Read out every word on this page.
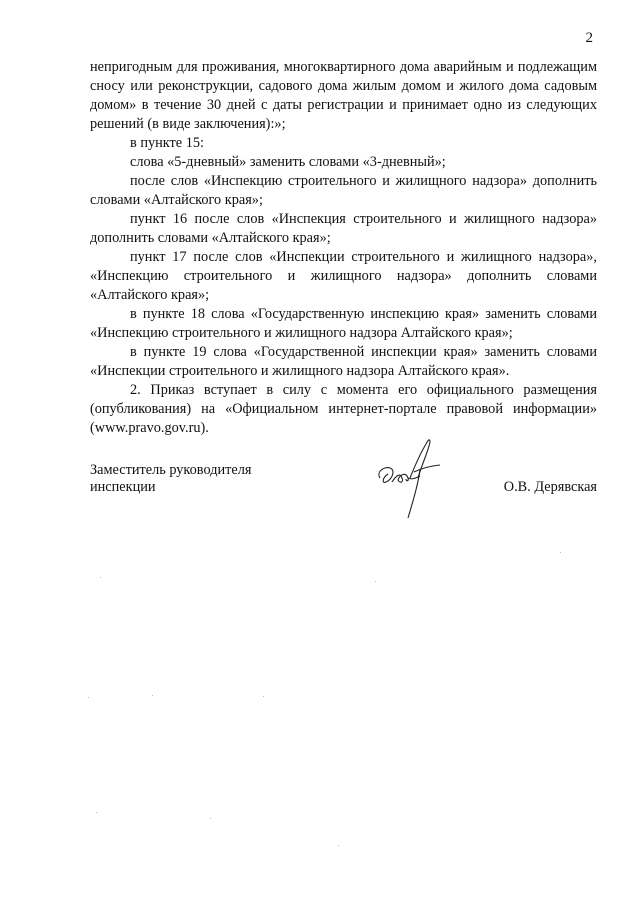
2

непригодным для проживания, многоквартирного дома аварийным и подлежащим сносу или реконструкции, садового дома жилым домом и жилого дома садовым домом» в течение 30 дней с даты регистрации и принимает одно из следующих решений (в виде заключения):»;

в пункте 15:

слова «5-дневный» заменить словами «3-дневный»;

после слов «Инспекцию строительного и жилищного надзора» дополнить словами «Алтайского края»;

пункт 16 после слов «Инспекция строительного и жилищного надзора» дополнить словами «Алтайского края»;

пункт 17 после слов «Инспекции строительного и жилищного надзора», «Инспекцию строительного и жилищного надзора» дополнить словами «Алтайского края»;

в пункте 18 слова «Государственную инспекцию края» заменить словами «Инспекцию строительного и жилищного надзора Алтайского края»;

в пункте 19 слова «Государственной инспекции края» заменить словами «Инспекции строительного и жилищного надзора Алтайского края».

2. Приказ вступает в силу с момента его официального размещения (опубликования) на «Официальном интернет-портале правовой информации» (www.pravo.gov.ru).

Заместитель руководителя
инспекции	О.В. Дерявская
